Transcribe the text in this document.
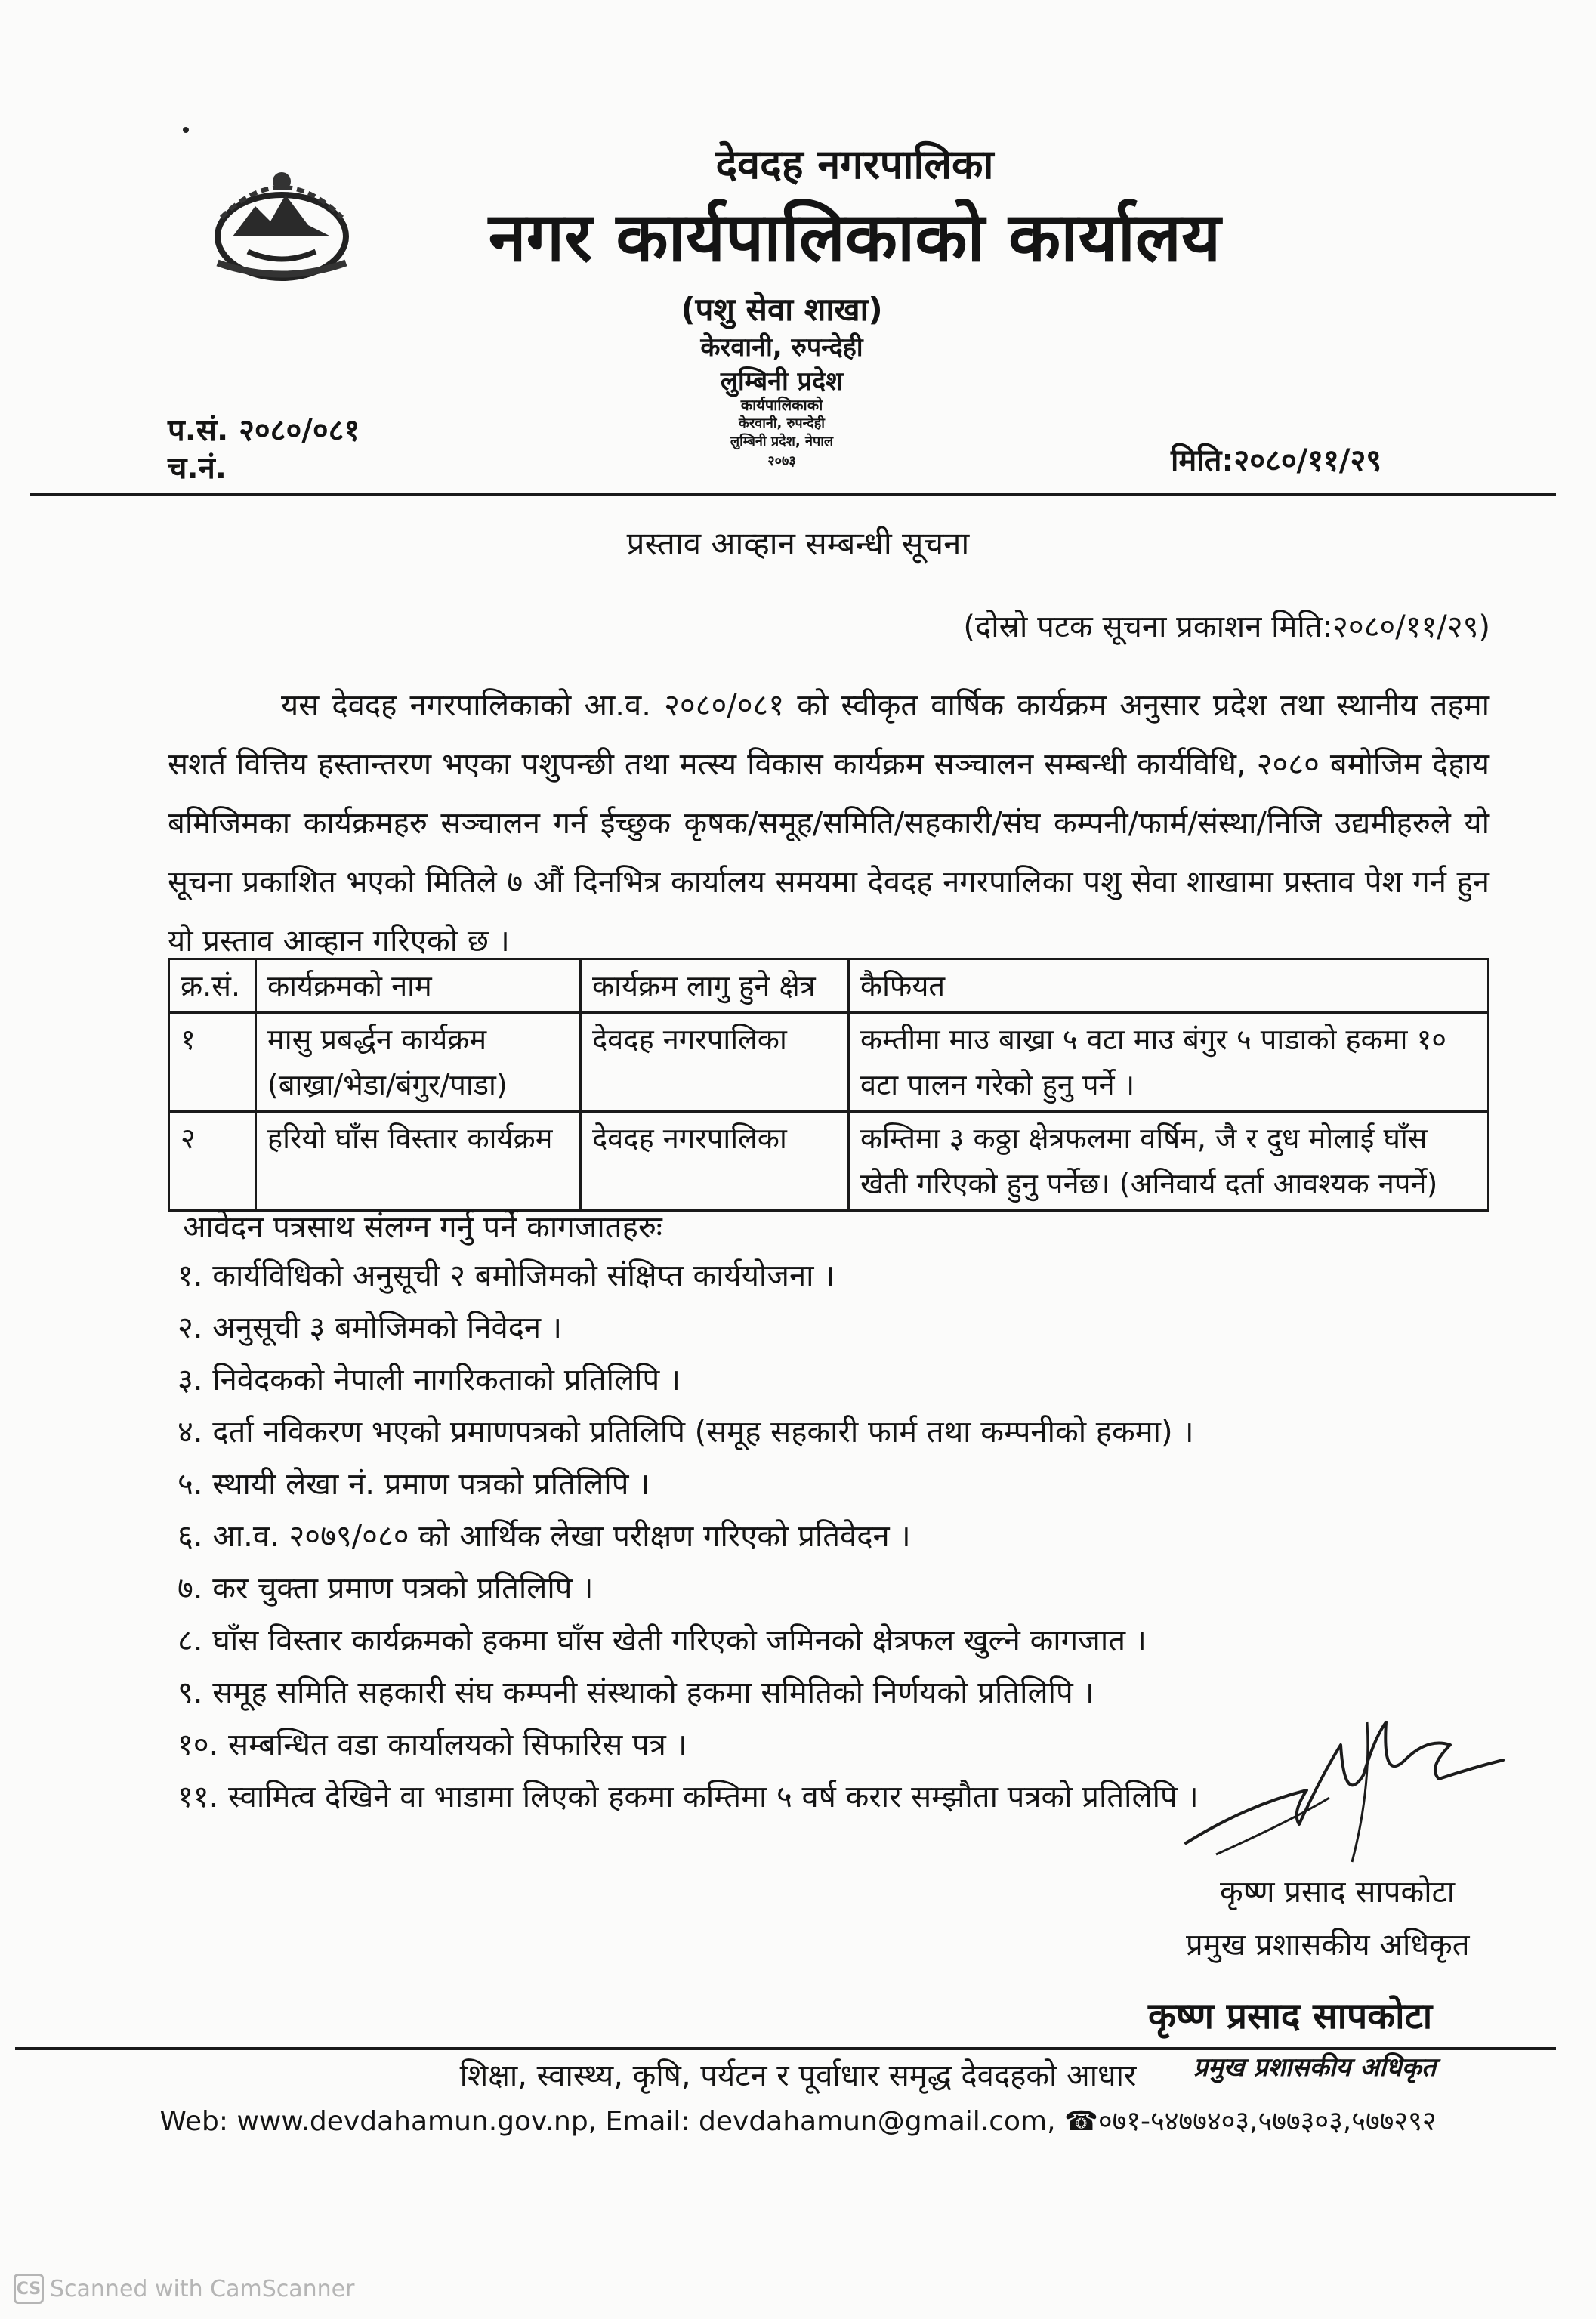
देवदह नगरपालिका
नगर कार्यपालिकाको कार्यालय
(पशु सेवा शाखा)
केरवानी, रुपन्देही
लुम्बिनी प्रदेश
कार्यपालिकाको
केरवानी, रुपन्देही
लुम्बिनी प्रदेश, नेपाल
२०७३
प.सं. २०८०/०८१
च.नं.	मिति:२०८०/११/२९
प्रस्ताव आव्हान सम्बन्धी सूचना
(दोस्रो पटक सूचना प्रकाशन मिति:२०८०/११/२९)

यस देवदह नगरपालिकाको आ.व. २०८०/०८१ को स्वीकृत वार्षिक कार्यक्रम अनुसार प्रदेश तथा स्थानीय तहमा सशर्त वित्तिय हस्तान्तरण भएका पशुपन्छी तथा मत्स्य विकास कार्यक्रम सञ्चालन सम्बन्धी कार्यविधि, २०८० बमोजिम देहाय बमिजिमका कार्यक्रमहरु सञ्चालन गर्न ईच्छुक कृषक/समूह/समिति/सहकारी/संघ कम्पनी/फार्म/संस्था/निजि उद्यमीहरुले यो सूचना प्रकाशित भएको मितिले ७ औं दिनभित्र कार्यालय समयमा देवदह नगरपालिका पशु सेवा शाखामा प्रस्ताव पेश गर्न हुन यो प्रस्ताव आव्हान गरिएको छ ।

क्र.सं.	कार्यक्रमको नाम	कार्यक्रम लागु हुने क्षेत्र	कैफियत
१	मासु प्रबर्द्धन कार्यक्रम (बाख्रा/भेडा/बंगुर/पाडा)	देवदह नगरपालिका	कम्तीमा माउ बाख्रा ५ वटा माउ बंगुर ५ पाडाको हकमा १० वटा पालन गरेको हुनु पर्ने ।
२	हरियो घाँस विस्तार कार्यक्रम	देवदह नगरपालिका	कम्तिमा ३ कठ्ठा क्षेत्रफलमा वर्षिम, जै र दुध मोलाई घाँस खेती गरिएको हुनु पर्नेछ। (अनिवार्य दर्ता आवश्यक नपर्ने)
आवेदन पत्रसाथ संलग्न गर्नु पर्ने कागजातहरुः
१. कार्यविधिको अनुसूची २ बमोजिमको संक्षिप्त कार्ययोजना ।
२. अनुसूची ३ बमोजिमको निवेदन ।
३. निवेदकको नेपाली नागरिकताको प्रतिलिपि ।
४. दर्ता नविकरण भएको प्रमाणपत्रको प्रतिलिपि (समूह सहकारी फार्म तथा कम्पनीको हकमा) ।
५. स्थायी लेखा नं. प्रमाण पत्रको प्रतिलिपि ।
६. आ.व. २०७९/०८० को आर्थिक लेखा परीक्षण गरिएको प्रतिवेदन ।
७. कर चुक्ता प्रमाण पत्रको प्रतिलिपि ।
८. घाँस विस्तार कार्यक्रमको हकमा घाँस खेती गरिएको जमिनको क्षेत्रफल खुल्ने कागजात ।
९. समूह समिति सहकारी संघ कम्पनी संस्थाको हकमा समितिको निर्णयको प्रतिलिपि ।
१०. सम्बन्धित वडा कार्यालयको सिफारिस पत्र ।
११. स्वामित्व देखिने वा भाडामा लिएको हकमा कम्तिमा ५ वर्ष करार सम्झौता पत्रको प्रतिलिपि ।
कृष्ण प्रसाद सापकोटा
प्रमुख प्रशासकीय अधिकृत
कृष्ण प्रसाद सापकोटा
प्रमुख प्रशासकीय अधिकृत
शिक्षा, स्वास्थ्य, कृषि, पर्यटन र पूर्वाधार समृद्ध देवदहको आधार
Web: www.devdahamun.gov.np, Email: devdahamun@gmail.com, ☎०७१-५४७७४०३,५७७३०३,५७७२९२
CS Scanned with CamScanner
